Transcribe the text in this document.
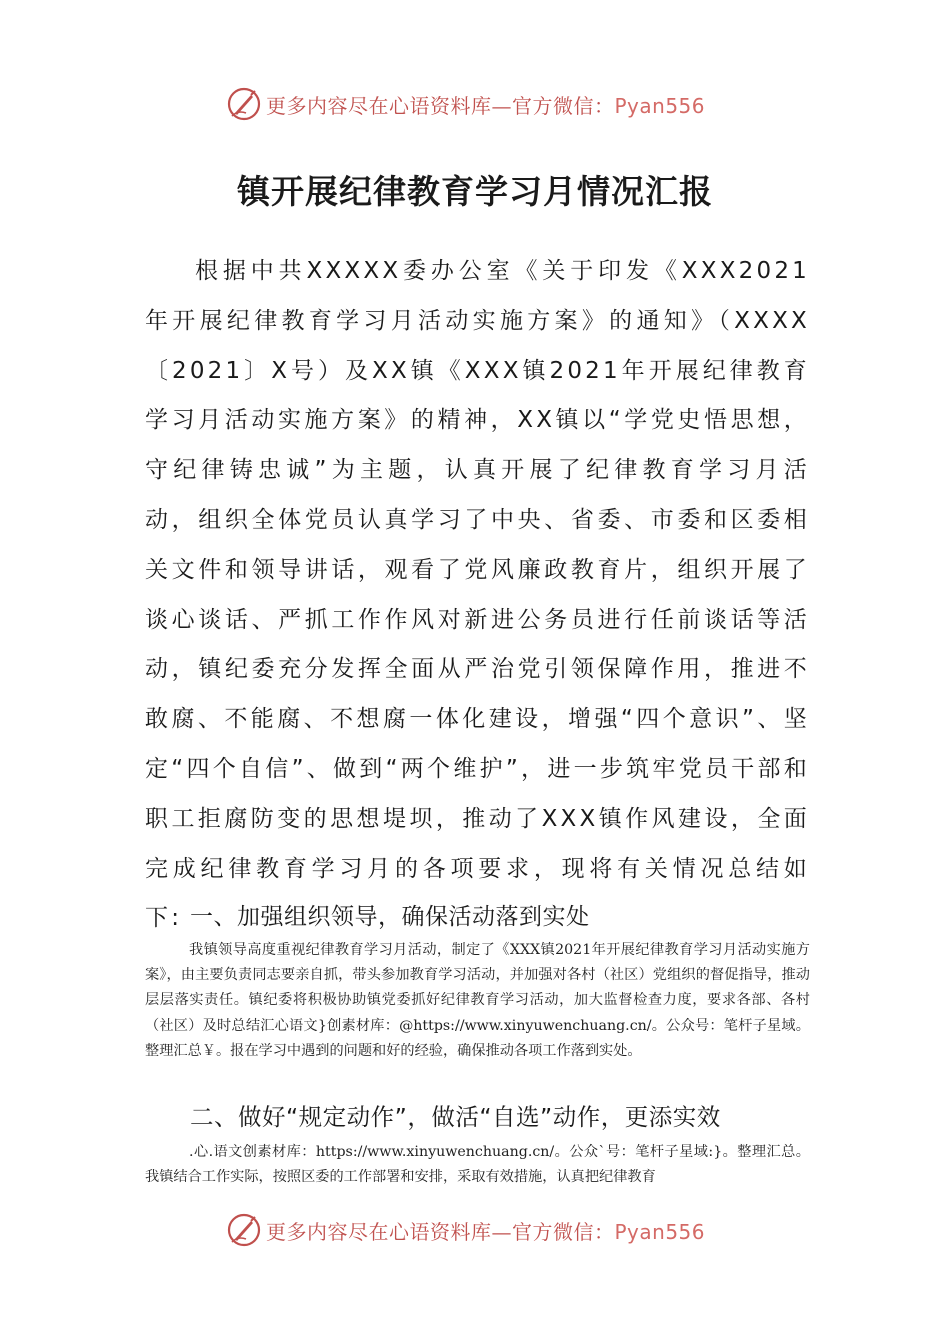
更多内容尽在心语资料库—官方微信：Pyan556
镇开展纪律教育学习月情况汇报

根据中共XXXXX委办公室《关于印发《XXX2021年开展纪律教育学习月活动实施方案》的通知》（XXXX〔2021〕X号）及XX镇《XXX镇2021年开展纪律教育学习月活动实施方案》的精神，XX镇以“学党史悟思想，守纪律铸忠诚”为主题，认真开展了纪律教育学习月活动，组织全体党员认真学习了中央、省委、市委和区委相关文件和领导讲话，观看了党风廉政教育片，组织开展了谈心谈话、严抓工作作风对新进公务员进行任前谈话等活动，镇纪委充分发挥全面从严治党引领保障作用，推进不敢腐、不能腐、不想腐一体化建设，增强“四个意识”、坚定“四个自信”、做到“两个维护”，进一步筑牢党员干部和职工拒腐防变的思想堤坝，推动了XXX镇作风建设，全面完成纪律教育学习月的各项要求，现将有关情况总结如下: 一、加强组织领导，确保活动落到实处

我镇领导高度重视纪律教育学习月活动，制定了《XXX镇2021年开展纪律教育学习月活动实施方案》，由主要负责同志要亲自抓，带头参加教育学习活动，并加强对各村（社区）党组织的督促指导，推动层层落实责任。镇纪委将积极协助镇党委抓好纪律教育学习活动，加大监督检查力度，要求各部、各村（社区）及时总结汇心语文}创素材库：@https://www.xinyuwenchuang.cn/。公众号：笔杆子星域。整理汇总￥。报在学习中遇到的问题和好的经验，确保推动各项工作落到实处。

二、做好“规定动作”，做活“自选”动作，更添实效

.心.语文创素材库：https://www.xinyuwenchuang.cn/。公众`号：笔杆子星域:}。整理汇总。我镇结合工作实际，按照区委的工作部署和安排，采取有效措施，认真把纪律教育

更多内容尽在心语资料库—官方微信：Pyan556
